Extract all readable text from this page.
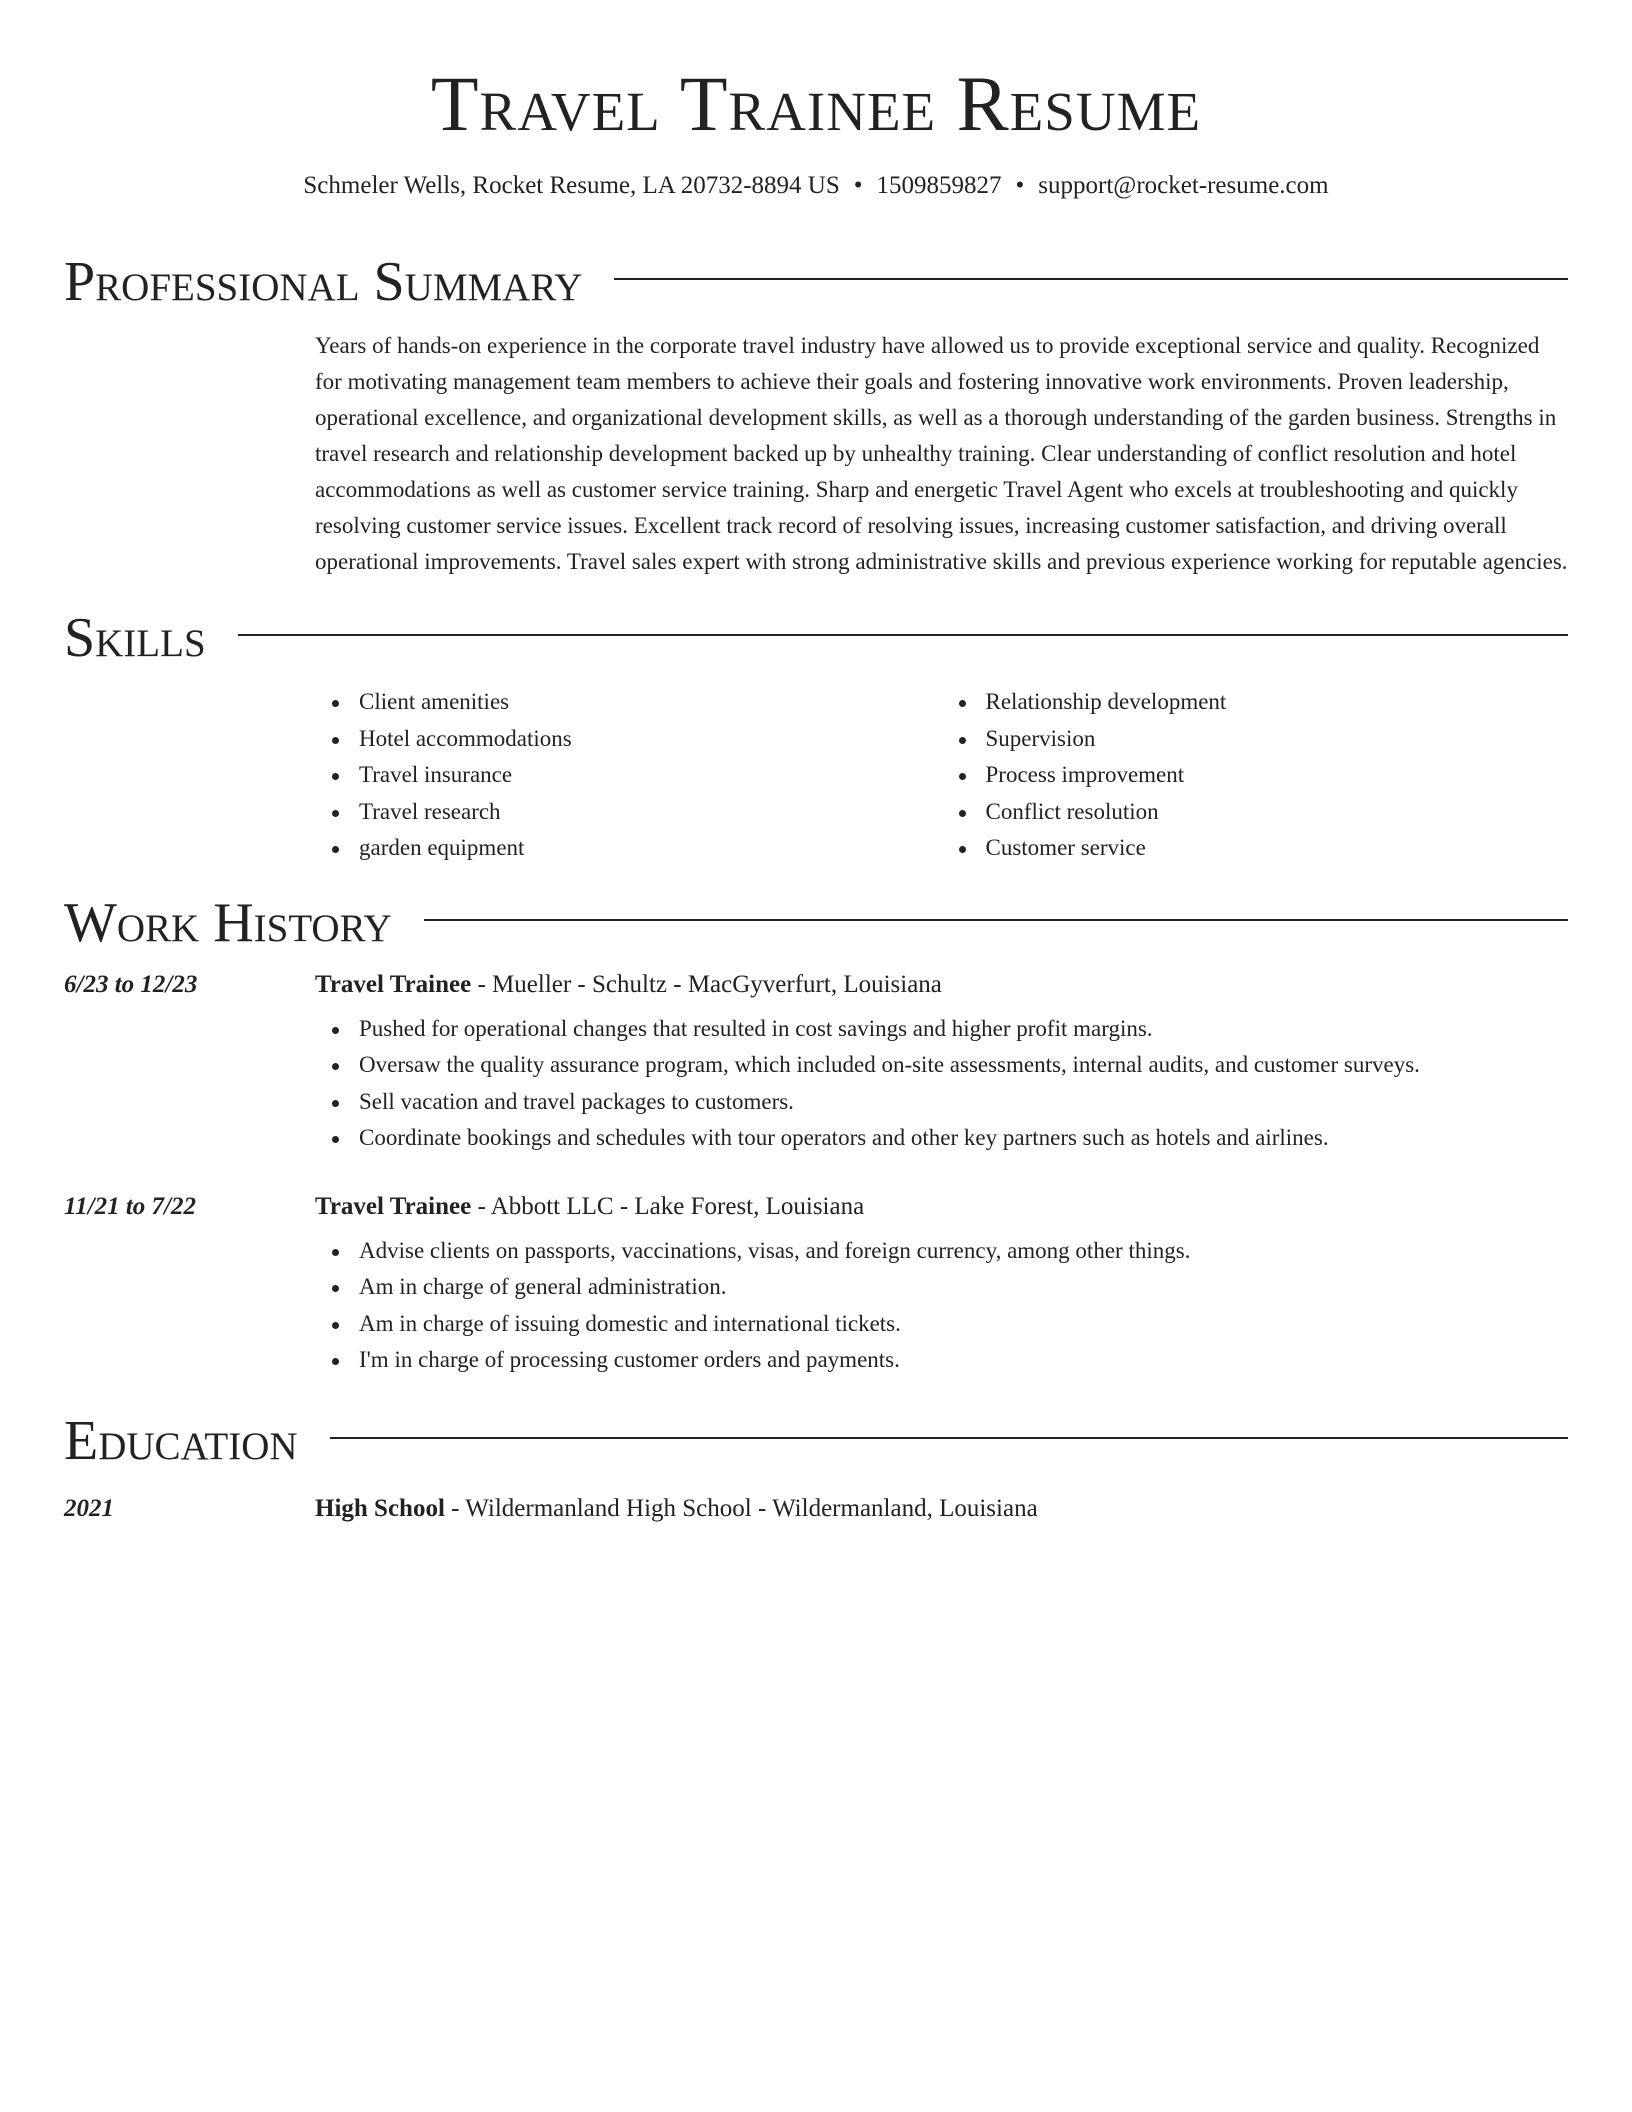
Travel Trainee Resume
Schmeler Wells, Rocket Resume, LA 20732-8894 US • 1509859827 • support@rocket-resume.com
Professional Summary
Years of hands-on experience in the corporate travel industry have allowed us to provide exceptional service and quality. Recognized for motivating management team members to achieve their goals and fostering innovative work environments. Proven leadership, operational excellence, and organizational development skills, as well as a thorough understanding of the garden business. Strengths in travel research and relationship development backed up by unhealthy training. Clear understanding of conflict resolution and hotel accommodations as well as customer service training. Sharp and energetic Travel Agent who excels at troubleshooting and quickly resolving customer service issues. Excellent track record of resolving issues, increasing customer satisfaction, and driving overall operational improvements. Travel sales expert with strong administrative skills and previous experience working for reputable agencies.
Skills
Client amenities
Hotel accommodations
Travel insurance
Travel research
garden equipment
Relationship development
Supervision
Process improvement
Conflict resolution
Customer service
Work History
6/23 to 12/23	Travel Trainee - Mueller - Schultz - MacGyverfurt, Louisiana
Pushed for operational changes that resulted in cost savings and higher profit margins.
Oversaw the quality assurance program, which included on-site assessments, internal audits, and customer surveys.
Sell vacation and travel packages to customers.
Coordinate bookings and schedules with tour operators and other key partners such as hotels and airlines.
11/21 to 7/22	Travel Trainee - Abbott LLC - Lake Forest, Louisiana
Advise clients on passports, vaccinations, visas, and foreign currency, among other things.
Am in charge of general administration.
Am in charge of issuing domestic and international tickets.
I'm in charge of processing customer orders and payments.
Education
2021	High School - Wildermanland High School - Wildermanland, Louisiana
